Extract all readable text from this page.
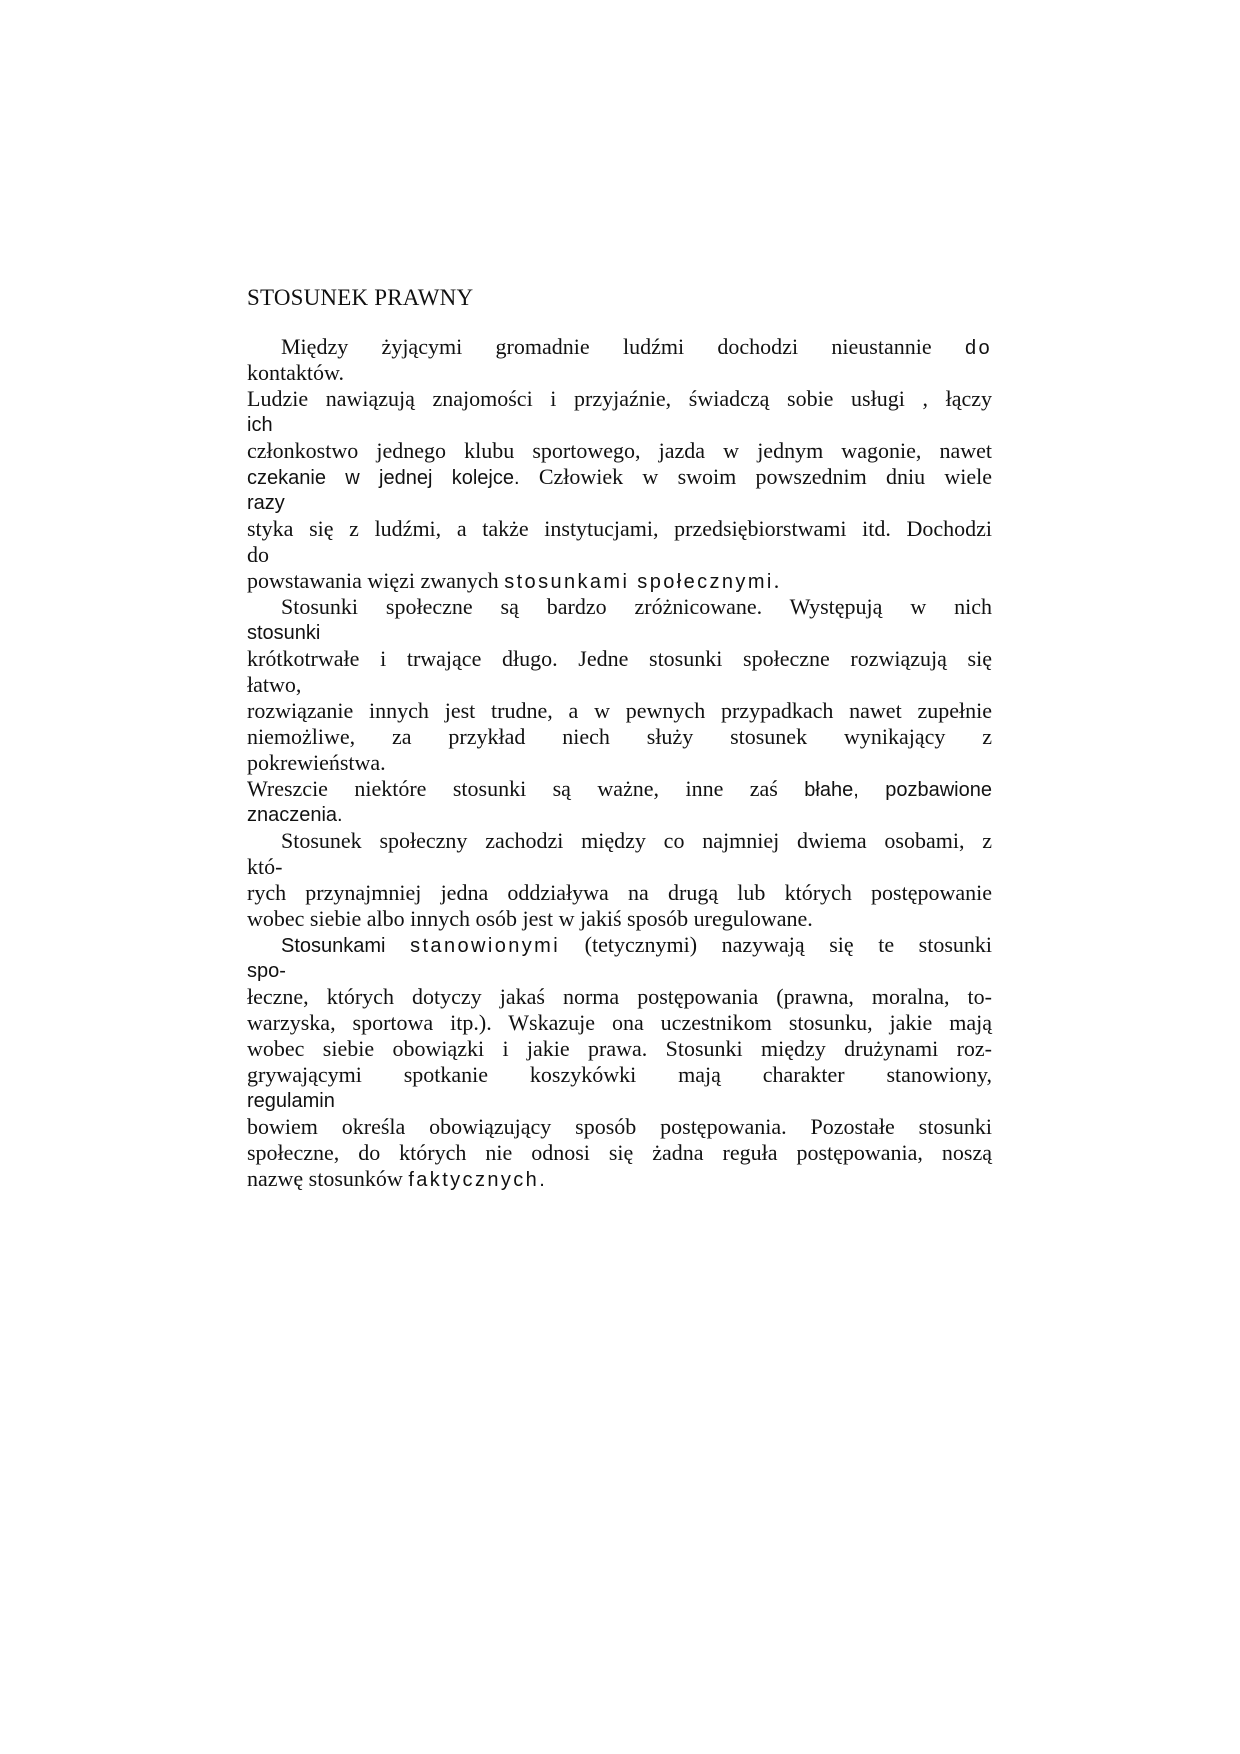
STOSUNEK PRAWNY
Między żyjącymi gromadnie ludźmi dochodzi nieustannie do
kontaktów.
Ludzie nawiązują znajomości i przyjaźnie, świadczą sobie usługi , łączy
ich
członkostwo jednego klubu sportowego, jazda w jednym wagonie, nawet
czekanie w jednej kolejce. Człowiek w swoim powszednim dniu wiele
razy
styka się z ludźmi, a także instytucjami, przedsiębiorstwami itd. Dochodzi
do
powstawania więzi zwanych stosunkami społecznymi.
Stosunki społeczne są bardzo zróżnicowane. Występują w nich
stosunki
krótkotrwałe i trwające długo. Jedne stosunki społeczne rozwiązują się
łatwo,
rozwiązanie innych jest trudne, a w pewnych przypadkach nawet zupełnie
niemożliwe, za przykład niech służy stosunek wynikający z
pokrewieństwa.
Wreszcie niektóre stosunki są ważne, inne zaś błahe, pozbawione
znaczenia.
Stosunek społeczny zachodzi między co najmniej dwiema osobami, z
któ-
rych przynajmniej jedna oddziaływa na drugą lub których postępowanie
wobec siebie albo innych osób jest w jakiś sposób uregulowane.
Stosunkami stanowionymi (tetycznymi) nazywają się te stosunki
spo-
łeczne, których dotyczy jakaś norma postępowania (prawna, moralna, to-
warzyska, sportowa itp.). Wskazuje ona uczestnikom stosunku, jakie mają
wobec siebie obowiązki i jakie prawa. Stosunki między drużynami roz-
grywającymi spotkanie koszykówki mają charakter stanowiony,
regulamin
bowiem określa obowiązujący sposób postępowania. Pozostałe stosunki
społeczne, do których nie odnosi się żadna reguła postępowania, noszą
nazwę stosunków faktycznych.
